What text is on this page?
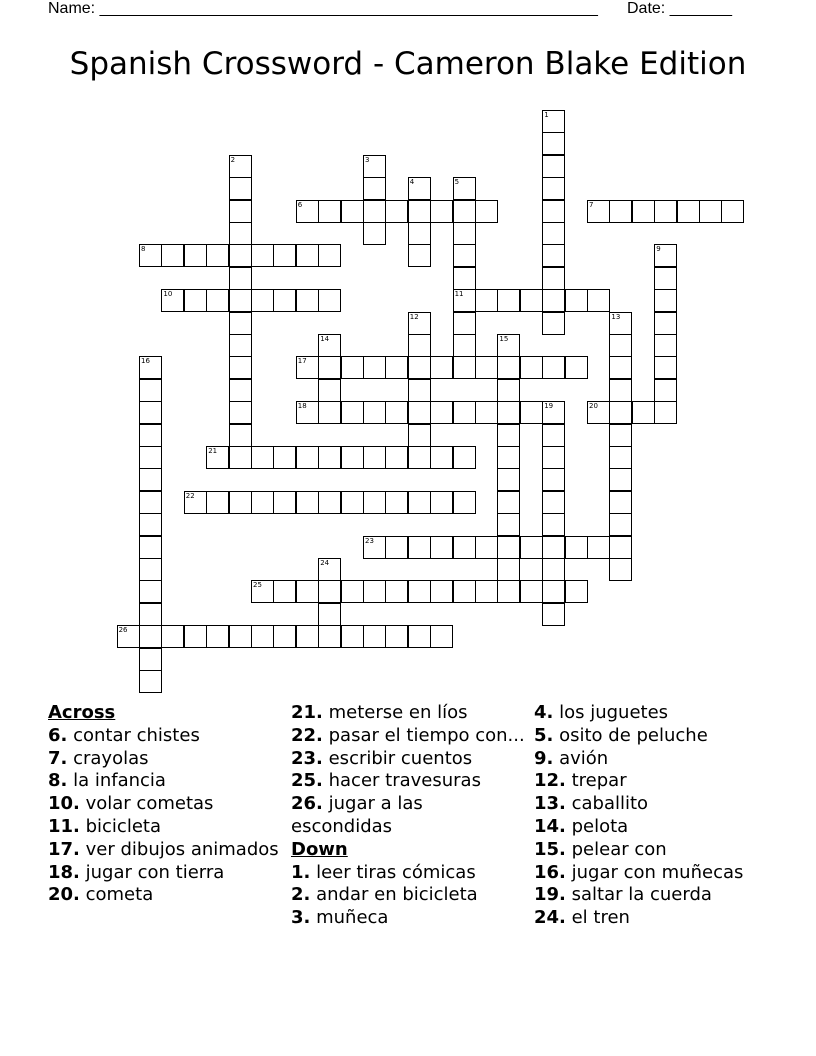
Name: ________________________________________________________ Date: _______
Spanish Crossword - Cameron Blake Edition
6	7
8
10	11
17
18	20
21
22
23
25
26
1
2	3
4	5
9
12	13
14	15
16
19
24
Across
6. contar chistes
7. crayolas
8. la infancia
10. volar cometas
11. bicicleta
17. ver dibujos animados
18. jugar con tierra
20. cometa
21. meterse en líos
22. pasar el tiempo con...
23. escribir cuentos
25. hacer travesuras
26. jugar a las escondidas
Down
1. leer tiras cómicas
2. andar en bicicleta
3. muñeca
4. los juguetes
5. osito de peluche
9. avión
12. trepar
13. caballito
14. pelota
15. pelear con
16. jugar con muñecas
19. saltar la cuerda
24. el tren
